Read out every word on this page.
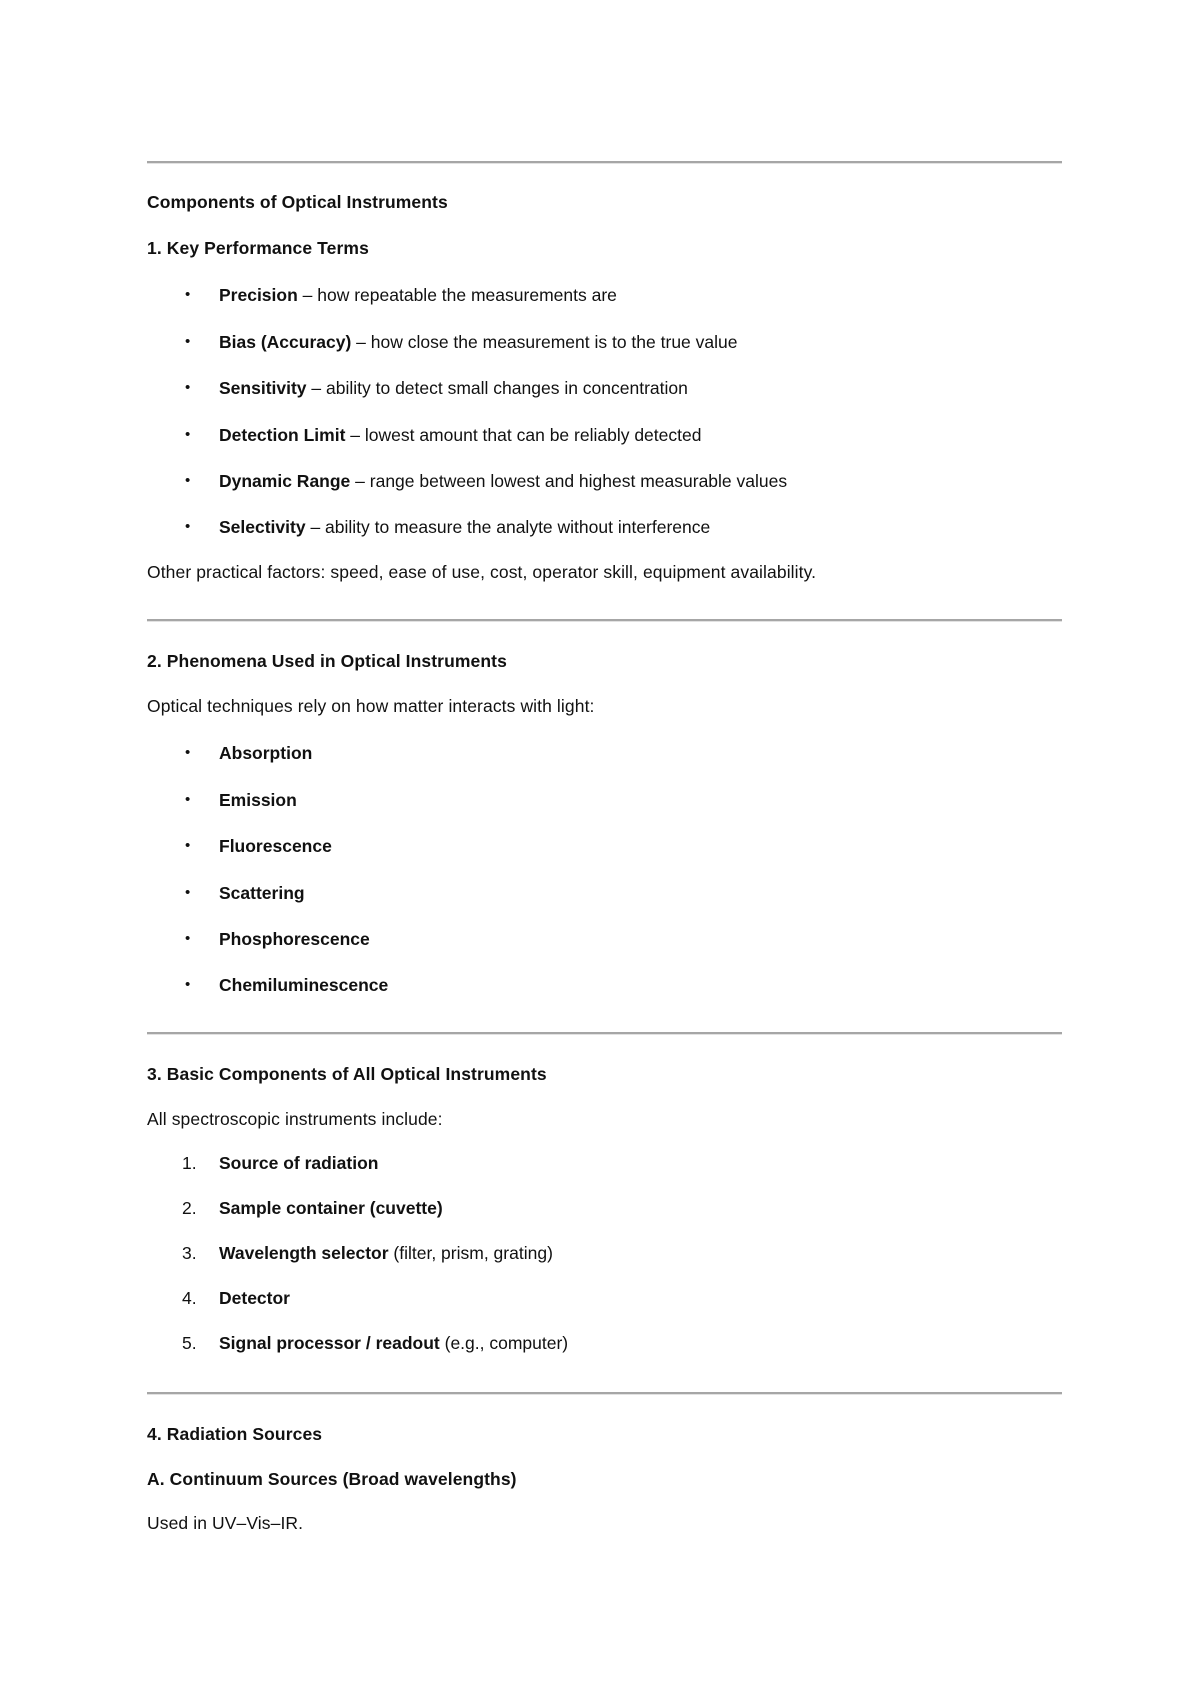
Components of Optical Instruments
1. Key Performance Terms
• Precision – how repeatable the measurements are
• Bias (Accuracy) – how close the measurement is to the true value
• Sensitivity – ability to detect small changes in concentration
• Detection Limit – lowest amount that can be reliably detected
• Dynamic Range – range between lowest and highest measurable values
• Selectivity – ability to measure the analyte without interference
Other practical factors: speed, ease of use, cost, operator skill, equipment availability.
2. Phenomena Used in Optical Instruments
Optical techniques rely on how matter interacts with light:
• Absorption
• Emission
• Fluorescence
• Scattering
• Phosphorescence
• Chemiluminescence
3. Basic Components of All Optical Instruments
All spectroscopic instruments include:
1. Source of radiation
2. Sample container (cuvette)
3. Wavelength selector (filter, prism, grating)
4. Detector
5. Signal processor / readout (e.g., computer)
4. Radiation Sources
A. Continuum Sources (Broad wavelengths)
Used in UV–Vis–IR.
